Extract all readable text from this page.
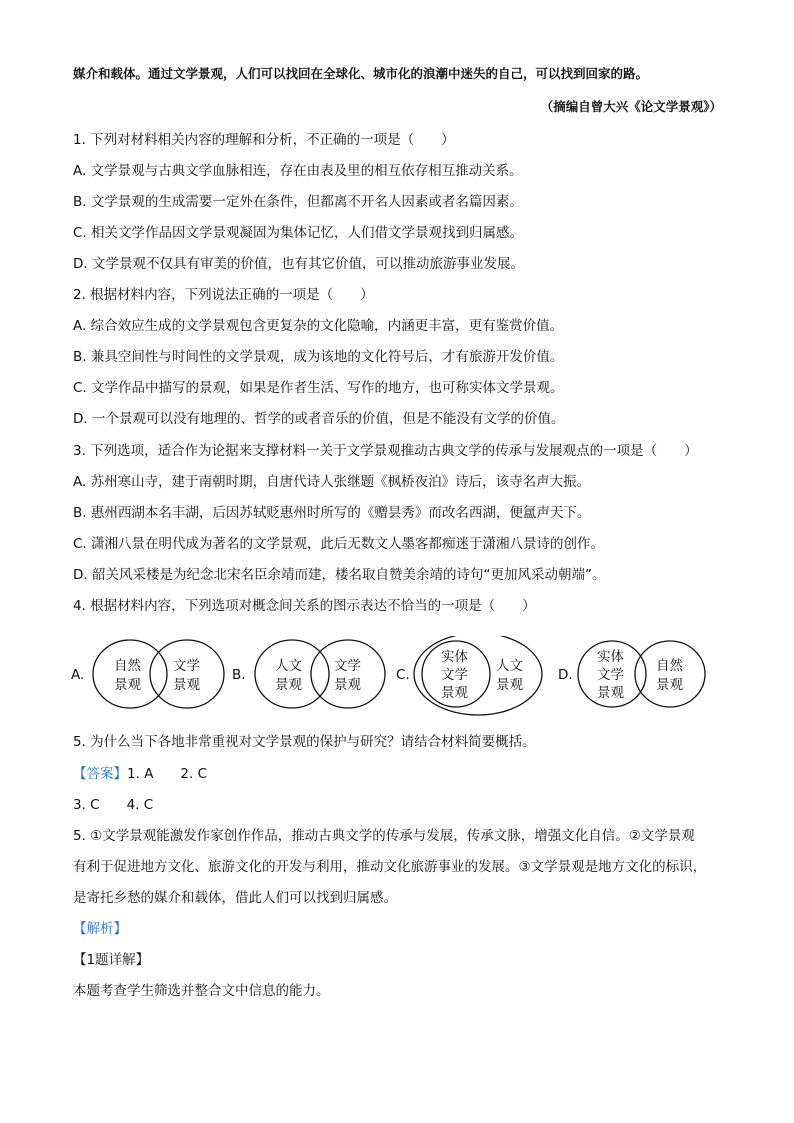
媒介和载体。通过文学景观，人们可以找回在全球化、城市化的浪潮中迷失的自己，可以找到回家的路。
（摘编自曾大兴《论文学景观》）
1. 下列对材料相关内容的理解和分析，不正确的一项是（　　）
A. 文学景观与古典文学血脉相连，存在由表及里的相互依存相互推动关系。
B. 文学景观的生成需要一定外在条件，但都离不开名人因素或者名篇因素。
C. 相关文学作品因文学景观凝固为集体记忆，人们借文学景观找到归属感。
D. 文学景观不仅具有审美的价值，也有其它价值，可以推动旅游事业发展。
2. 根据材料内容，下列说法正确的一项是（　　）
A. 综合效应生成的文学景观包含更复杂的文化隐喻，内涵更丰富，更有鉴赏价值。
B. 兼具空间性与时间性的文学景观，成为该地的文化符号后，才有旅游开发价值。
C. 文学作品中描写的景观，如果是作者生活、写作的地方，也可称实体文学景观。
D. 一个景观可以没有地理的、哲学的或者音乐的价值，但是不能没有文学的价值。
3. 下列选项，适合作为论据来支撑材料一关于文学景观推动古典文学的传承与发展观点的一项是（　　）
A. 苏州寒山寺，建于南朝时期，自唐代诗人张继题《枫桥夜泊》诗后，该寺名声大振。
B. 惠州西湖本名丰湖，后因苏轼贬惠州时所写的《赠昙秀》而改名西湖，便氲声天下。
C. 潇湘八景在明代成为著名的文学景观，此后无数文人墨客都痴迷于潇湘八景诗的创作。
D. 韶关风采楼是为纪念北宋名臣余靖而建，楼名取自赞美余靖的诗句“更加风采动朝端”。
4. 根据材料内容，下列选项对概念间关系的图示表达不恰当的一项是（　　）
A.
自然
景观
文学
景观
B.
人文
景观
文学
景观
C.
实体
文学
景观
人文
景观
D.
实体
文学
景观
自然
景观
5. 为什么当下各地非常重视对文学景观的保护与研究？请结合材料简要概括。
【答案】1. A　　2. C
3. C　　4. C
5. ①文学景观能激发作家创作作品，推动古典文学的传承与发展，传承文脉，增强文化自信。②文学景观
有利于促进地方文化、旅游文化的开发与利用，推动文化旅游事业的发展。③文学景观是地方文化的标识，
是寄托乡愁的媒介和载体，借此人们可以找到归属感。
【解析】
【1题详解】
本题考查学生筛选并整合文中信息的能力。
